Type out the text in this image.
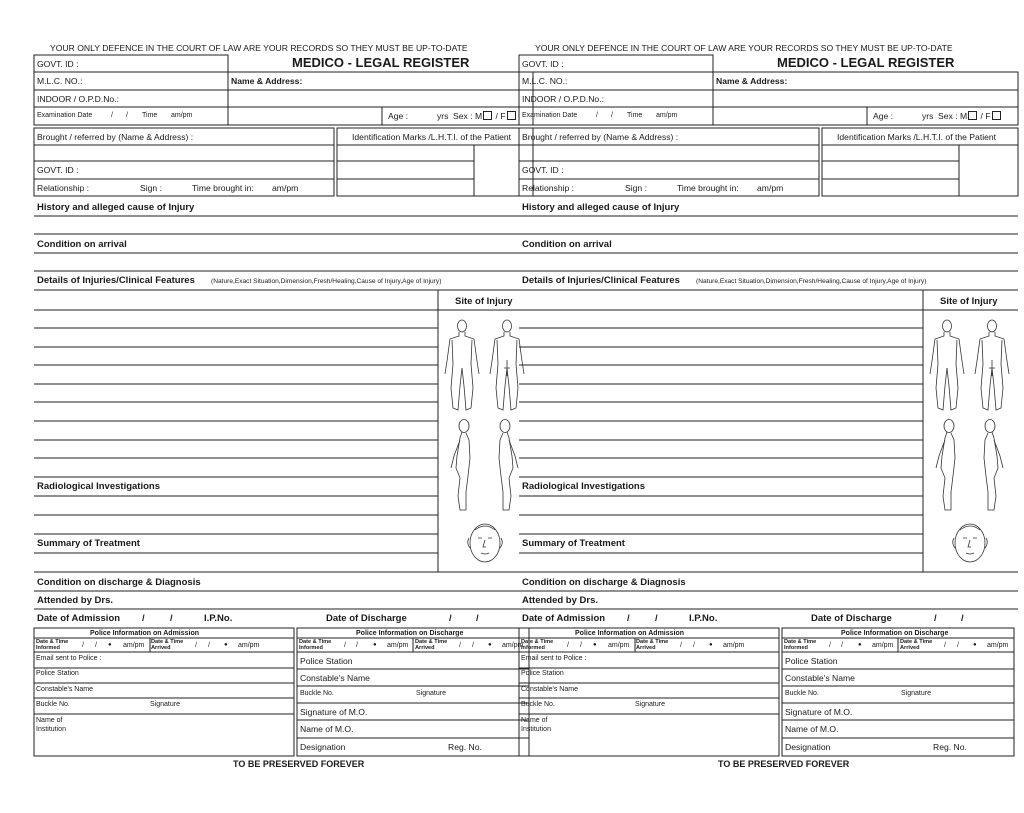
YOUR ONLY DEFENCE IN THE COURT OF LAW ARE YOUR RECORDS SO THEY MUST BE UP-TO-DATE
MEDICO - LEGAL REGISTER
GOVT. ID :
M.L.C. NO.:	Name & Address:
INDOOR / O.P.D.No.:
Examination Date	/ / Time am/pm	Age :	yrs Sex : M / F
Brought / referred by (Name & Address) :	Identification Marks /L.H.T.I. of the Patient
GOVT. ID :
Relationship :	Sign :	Time brought in: am/pm
History and alleged cause of Injury
Condition on arrival
Details of Injuries/Clinical Features (Nature,Exact Situation,Dimension,Fresh/Healing,Cause of Injury,Age of Injury)
Site of Injury
Radiological Investigations
Summary of Treatment
Condition on discharge & Diagnosis
Attended by Drs.
Date of Admission /	/	I.P.No.	Date of Discharge	/	/
Police Information on Admission
Date & Time Informed	/ / ● am/pm Date & Time Arrived	/ / ● am/pm
Email sent to Police :
Police Station
Constable's Name
Buckle No.	Signature
Name of Institution
Police Information on Discharge
Date & Time Informed	/ /	● am/pm Date & Time Arrived	/ / ● am/pm
Police Station
Constable's Name
Buckle No.	Signature
Signature of M.O.
Name of M.O.
Designation	Reg. No.
TO BE PRESERVED FOREVER
YOUR ONLY DEFENCE IN THE COURT OF LAW ARE YOUR RECORDS SO THEY MUST BE UP-TO-DATE
MEDICO - LEGAL REGISTER
GOVT. ID :
M.L.C. NO.:	Name & Address:
INDOOR / O.P.D.No.:
Examination Date	/ / Time am/pm	Age :	yrs Sex : M / F
Brought / referred by (Name & Address) :	Identification Marks /L.H.T.I. of the Patient
GOVT. ID :
Relationship :	Sign :	Time brought in: am/pm
History and alleged cause of Injury
Condition on arrival
Details of Injuries/Clinical Features (Nature,Exact Situation,Dimension,Fresh/Healing,Cause of Injury,Age of Injury)
Site of Injury
Radiological Investigations
Summary of Treatment
Condition on discharge & Diagnosis
Attended by Drs.
Date of Admission /	/	I.P.No.	Date of Discharge	/	/
Police Information on Admission
Date & Time Informed	/ / ● am/pm Date & Time Arrived	/ / ● am/pm
Email sent to Police :
Police Station
Constable's Name
Buckle No.	Signature
Name of Institution
Police Information on Discharge
Date & Time Informed	/ /	● am/pm Date & Time Arrived	/ / ● am/pm
Police Station
Constable's Name
Buckle No.	Signature
Signature of M.O.
Name of M.O.
Designation	Reg. No.
TO BE PRESERVED FOREVER
